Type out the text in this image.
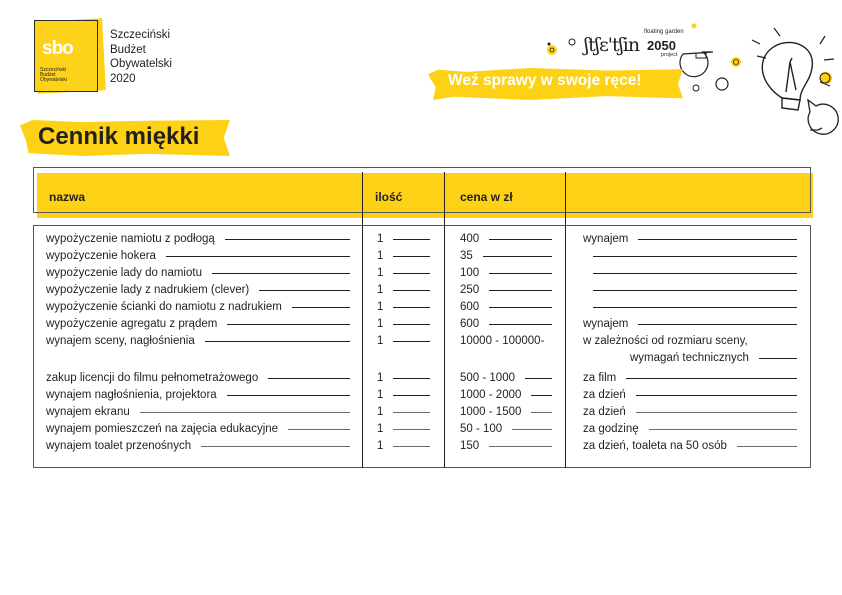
sbo
Szczeciński
Budżet
Obywatelski
Szczeciński
Budżet
Obywatelski
2020
ʃtʃɛ'tʃin
floating garden
2050
project
Weź sprawy w swoje ręce!
Cennik miękki
nazwa	ilość	cena w zł
wypożyczenie namiotu z podłogą	1	400	wynajem
wypożyczenie hokera	1	35
wypożyczenie lady do namiotu	1	100
wypożyczenie lady z nadrukiem (clever)	1	250
wypożyczenie ścianki do namiotu z nadrukiem	1	600
wypożyczenie agregatu z prądem	1	600	wynajem
wynajem sceny, nagłośnienia	1	10000 - 100000-	w zależności od rozmiaru sceny,
wymagań technicznych
zakup licencji do filmu pełnometrażowego	1	500 - 1000	za film
wynajem nagłośnienia, projektora	1	1000 - 2000	za dzień
wynajem ekranu	1	1000 - 1500	za dzień
wynajem pomieszczeń na zajęcia edukacyjne	1	50 - 100	za godzinę
wynajem toalet przenośnych	1	150	za dzień, toaleta na 50 osób
